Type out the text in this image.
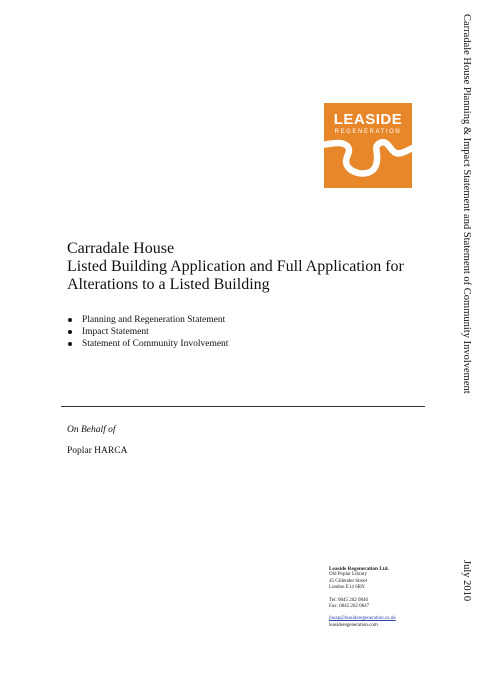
LEASIDE
REGENERATION
Carradale House
Listed Building Application and Full Application for
Alterations to a Listed Building
Planning and Regeneration Statement
Impact Statement
Statement of Community Involvement
On Behalf of
Poplar HARCA
Leaside Regeneration Ltd.
Old Poplar Library
45 Gillender Street
London E14 6RN
Tel: 0845 262 0846
Fax: 0845 262 0847
jhoap@leasideregeneration.co.uk
leasideregeneration.com
Carradale House Planning & Impact Statement and Statement of Community Involvement
July 2010
